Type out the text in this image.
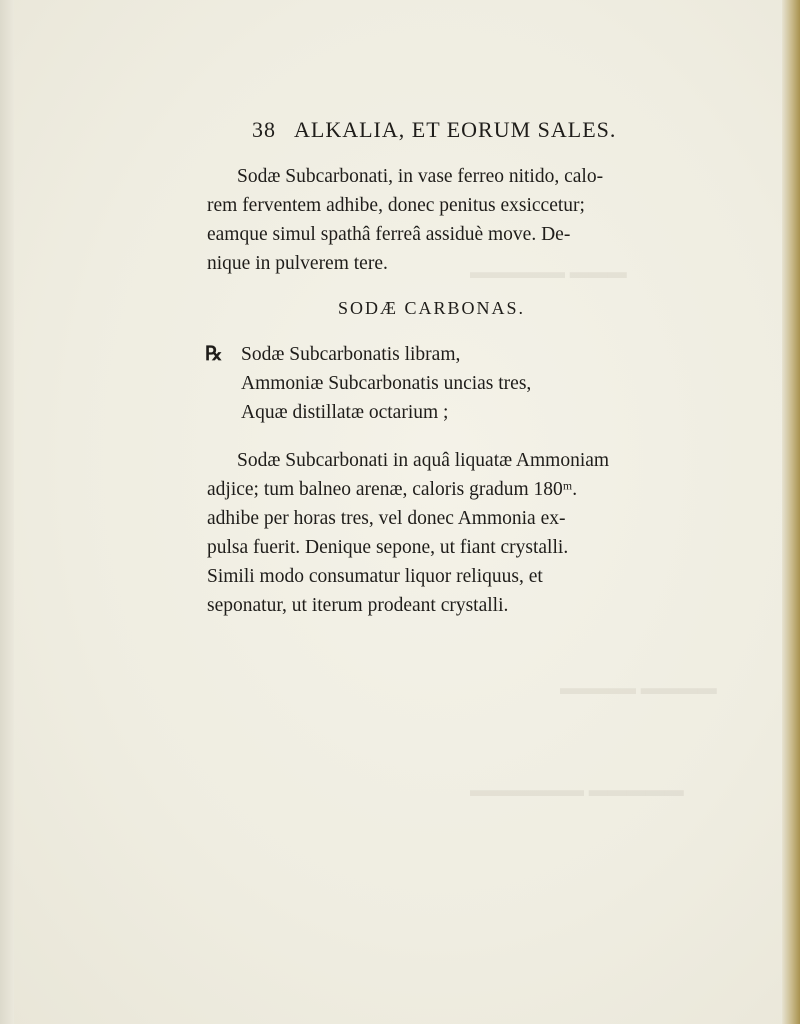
▬▬▬ ▬▬▬▬▬
▬▬▬▬ ▬▬▬▬
▬▬▬▬▬ ▬▬▬▬▬▬
38 ALKALIA, ET EORUM SALES.
Sodæ Subcarbonati, in vase ferreo nitido, calo-
rem ferventem adhibe, donec penitus exsiccetur;
eamque simul spathâ ferreâ assiduè move. De-
nique in pulverem tere.
SODÆ CARBONAS.
℞ Sodæ Subcarbonatis libram,
Ammoniæ Subcarbonatis uncias tres,
Aquæ distillatæ octarium ;
Sodæ Subcarbonati in aquâ liquatæ Ammoniam
adjice; tum balneo arenæ, caloris gradum 180ᵐ.
adhibe per horas tres, vel donec Ammonia ex-
pulsa fuerit. Denique sepone, ut fiant crystalli.
Simili modo consumatur liquor reliquus, et
seponatur, ut iterum prodeant crystalli.
